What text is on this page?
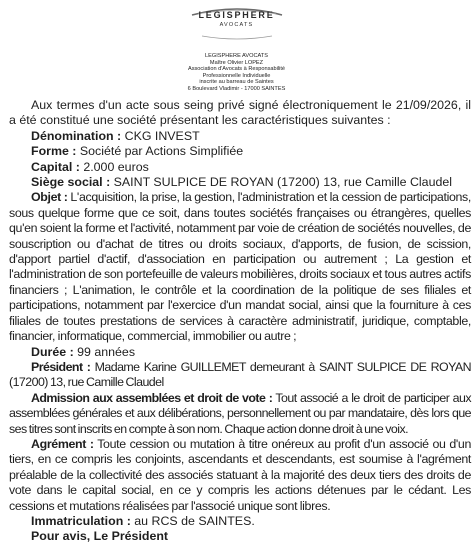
LEGISPHERE
AVOCATS
LEGISPHERE AVOCATS
Maître Olivier LOPEZ
Association d'Avocats à Responsabilité
Professionnelle Individuelle
inscrite au barreau de Saintes
6 Boulevard Vladimir - 17000 SAINTES

Aux termes d'un acte sous seing privé signé électroniquement le 21/09/2026, il a été constitué une société présentant les caractéristiques suivantes :

Dénomination : CKG INVEST

Forme : Société par Actions Simplifiée

Capital : 2.000 euros

Siège social : SAINT SULPICE DE ROYAN (17200) 13, rue Camille Claudel

Objet : L'acquisition, la prise, la gestion, l'administration et la cession de participations, sous quelque forme que ce soit, dans toutes sociétés françaises ou étrangères, quelles qu'en soient la forme et l'activité, notamment par voie de création de sociétés nouvelles, de souscription ou d'achat de titres ou droits sociaux, d'apports, de fusion, de scission, d'apport partiel d'actif, d'association en participation ou autrement ; La gestion et l'administration de son portefeuille de valeurs mobilières, droits sociaux et tous autres actifs financiers ; L'animation, le contrôle et la coordination de la politique de ses filiales et participations, notamment par l'exercice d'un mandat social, ainsi que la fourniture à ces filiales de toutes prestations de services à caractère administratif, juridique, comptable, financier, informatique, commercial, immobilier ou autre ;

Durée : 99 années

Président : Madame Karine GUILLEMET demeurant à SAINT SULPICE DE ROYAN (17200) 13, rue Camille Claudel

Admission aux assemblées et droit de vote : Tout associé a le droit de participer aux assemblées générales et aux délibérations, personnellement ou par mandataire, dès lors que ses titres sont inscrits en compte à son nom. Chaque action donne droit à une voix.

Agrément : Toute cession ou mutation à titre onéreux au profit d'un associé ou d'un tiers, en ce compris les conjoints, ascendants et descendants, est soumise à l'agrément préalable de la collectivité des associés statuant à la majorité des deux tiers des droits de vote dans le capital social, en ce y compris les actions détenues par le cédant. Les cessions et mutations réalisées par l'associé unique sont libres.

Immatriculation : au RCS de SAINTES.

Pour avis, Le Président
